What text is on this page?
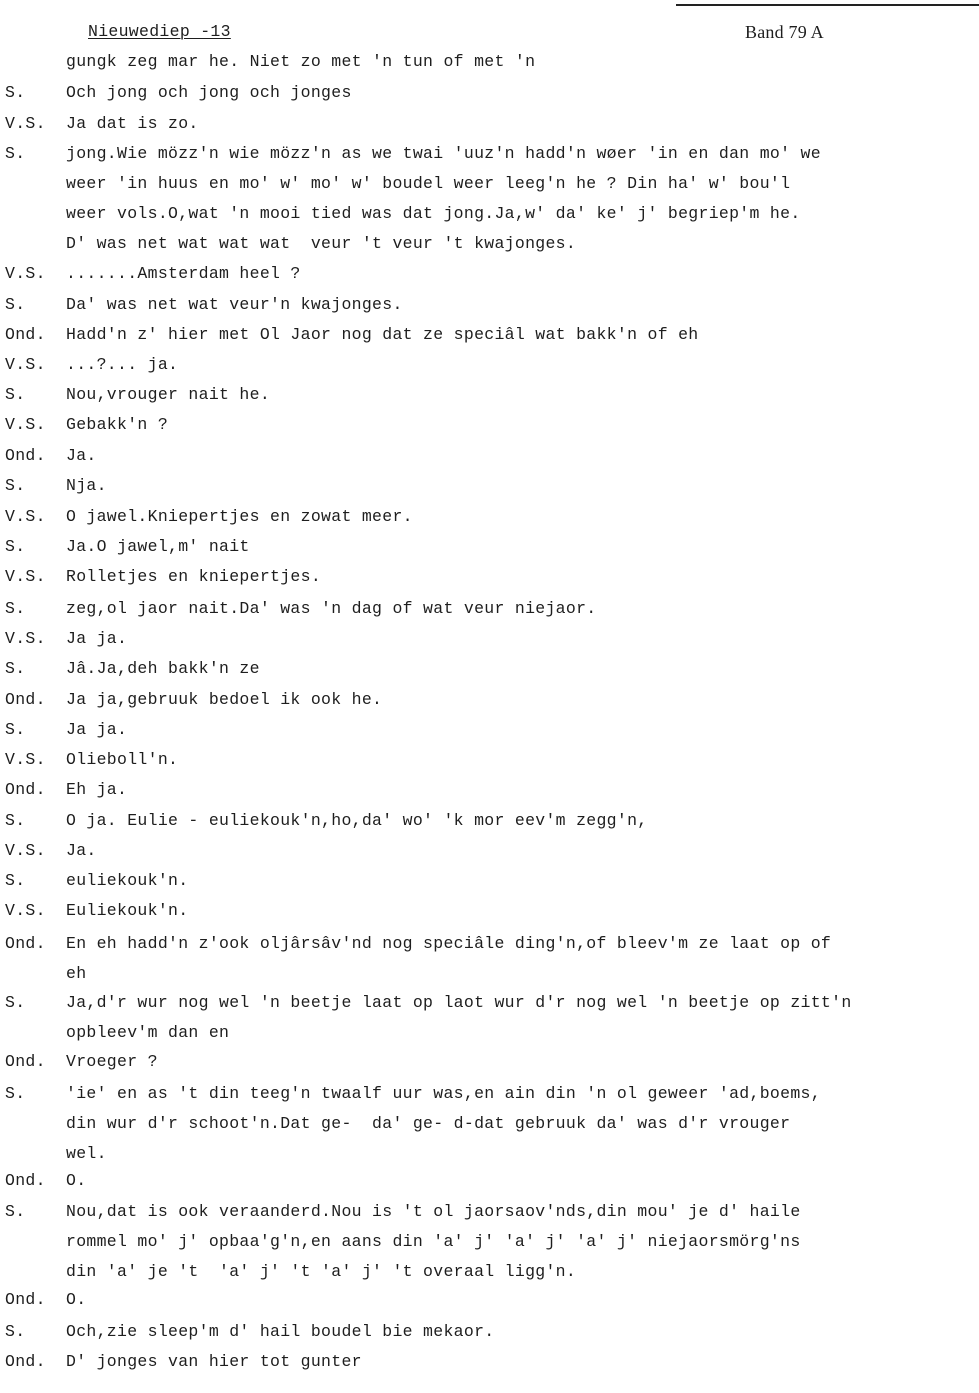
Nieuwediep -13	Band 79 A
gungk zeg mar he. Niet zo met 'n tun of met 'n
S. Och jong och jong och jonges
V.S. Ja dat is zo.
S. jong.Wie mözz'n wie mözz'n as we twai 'uuz'n hadd'n wøer 'in en dan mo' we
weer 'in huus en mo' w' mo' w' boudel weer leeg'n he ? Din ha' w' bou'l
weer vols.O,wat 'n mooi tied was dat jong.Ja,w' da' ke' j' begriep'm he.
D' was net wat wat wat  veur 't veur 't kwajonges.
V.S. .......Amsterdam heel ?
S. Da' was net wat veur'n kwajonges.
Ond. Hadd'n z' hier met Ol Jaor nog dat ze speciâl wat bakk'n of eh
V.S. ...?... ja.
S. Nou,vrouger nait he.
V.S. Gebakk'n ?
Ond. Ja.
S. Nja.
V.S. O jawel.Kniepertjes en zowat meer.
S. Ja.O jawel,m' nait
V.S. Rolletjes en kniepertjes.
S. zeg,ol jaor nait.Da' was 'n dag of wat veur niejaor.
V.S. Ja ja.
S. Jâ.Ja,deh bakk'n ze
Ond. Ja ja,gebruuk bedoel ik ook he.
S. Ja ja.
V.S. Olieboll'n.
Ond. Eh ja.
S. O ja. Eulie - euliekouk'n,ho,da' wo' 'k mor eev'm zegg'n,
V.S. Ja.
S. euliekouk'n.
V.S. Euliekouk'n.
Ond. En eh hadd'n z'ook oljârsâv'nd nog speciâle ding'n,of bleev'm ze laat op of
eh
S. Ja,d'r wur nog wel 'n beetje laat op laot wur d'r nog wel 'n beetje op zitt'n
opbleev'm dan en
Ond. Vroeger ?
S. 'ie' en as 't din teeg'n twaalf uur was,en ain din 'n ol geweer 'ad,boems,
din wur d'r schoot'n.Dat ge-  da' ge- d-dat gebruuk da' was d'r vrouger
wel.
Ond. O.
S. Nou,dat is ook veraanderd.Nou is 't ol jaorsaov'nds,din mou' je d' haile
rommel mo' j' opbaa'g'n,en aans din 'a' j' 'a' j' 'a' j' niejaorsmörg'ns
din 'a' je 't  'a' j' 't 'a' j' 't overaal ligg'n.
Ond. O.
S. Och,zie sleep'm d' hail boudel bie mekaor.
Ond. D' jonges van hier tot gunter
